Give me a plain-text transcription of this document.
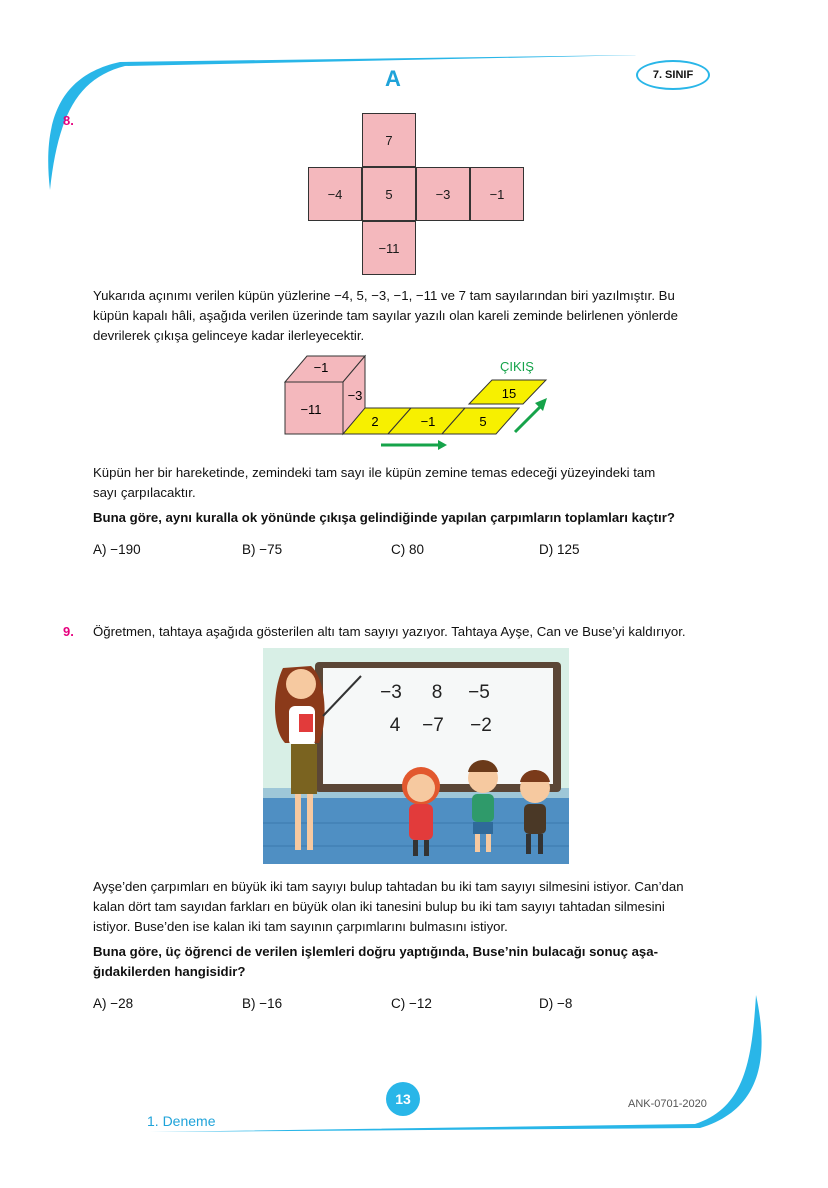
A	7. SINIF
8.
7
−4	5	−3	−1
−11
Yukarıda açınımı verilen küpün yüzlerine −4, 5, −3, −1, −11 ve 7 tam sayılarından biri yazılmıştır. Bu
küpün kapalı hâli, aşağıda verilen üzerinde tam sayılar yazılı olan kareli zeminde belirlenen yönlerde
devrilerek çıkışa gelinceye kadar ilerleyecektir.
−1
−11
−3
2	−1	5
15
ÇIKIŞ
Küpün her bir hareketinde, zemindeki tam sayı ile küpün zemine temas edeceği yüzeyindeki tam
sayı çarpılacaktır.
Buna göre, aynı kuralla ok yönünde çıkışa gelindiğinde yapılan çarpımların toplamları kaçtır?
A) −190	B) −75	C) 80	D) 125
9. Öğretmen, tahtaya aşağıda gösterilen altı tam sayıyı yazıyor. Tahtaya Ayşe, Can ve Buse’yi kaldırıyor.
−3 8 −5
4 −7 −2
Ayşe’den çarpımları en büyük iki tam sayıyı bulup tahtadan bu iki tam sayıyı silmesini istiyor. Can’dan
kalan dört tam sayıdan farkları en büyük olan iki tanesini bulup bu iki tam sayıyı tahtadan silmesini
istiyor. Buse’den ise kalan iki tam sayının çarpımlarını bulmasını istiyor.
Buna göre, üç öğrenci de verilen işlemleri doğru yaptığında, Buse’nin bulacağı sonuç aşa-
ğıdakilerden hangisidir?
A) −28	B) −16	C) −12	D) −8
13	ANK-0701-2020
1. Deneme
